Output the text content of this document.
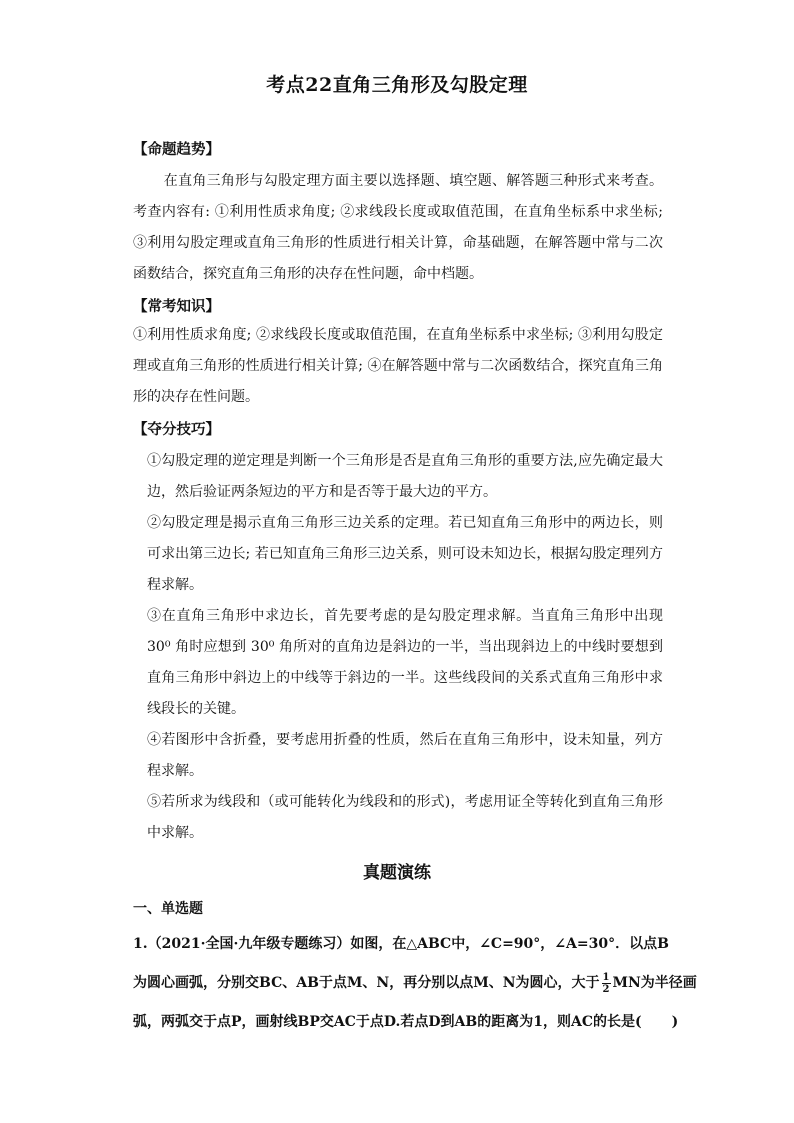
考点22直角三角形及勾股定理
【命题趋势】
在直角三角形与勾股定理方面主要以选择题、填空题、解答题三种形式来考查。考查内容有: ①利用性质求角度; ②求线段长度或取值范围，在直角坐标系中求坐标; ③利用勾股定理或直角三角形的性质进行相关计算，命基础题，在解答题中常与二次函数结合，探究直角三角形的决存在性问题，命中档题。
【常考知识】
①利用性质求角度; ②求线段长度或取值范围，在直角坐标系中求坐标; ③利用勾股定理或直角三角形的性质进行相关计算; ④在解答题中常与二次函数结合，探究直角三角形的决存在性问题。
【夺分技巧】
①勾股定理的逆定理是判断一个三角形是否是直角三角形的重要方法,应先确定最大边，然后验证两条短边的平方和是否等于最大边的平方。
②勾股定理是揭示直角三角形三边关系的定理。若已知直角三角形中的两边长，则可求出第三边长; 若已知直角三角形三边关系，则可设未知边长，根据勾股定理列方程求解。
③在直角三角形中求边长，首先要考虑的是勾股定理求解。当直角三角形中出现 30⁰ 角时应想到 30⁰ 角所对的直角边是斜边的一半，当出现斜边上的中线时要想到直角三角形中斜边上的中线等于斜边的一半。这些线段间的关系式直角三角形中求线段长的关键。
④若图形中含折叠，要考虑用折叠的性质，然后在直角三角形中，设未知量，列方程求解。
⑤若所求为线段和（或可能转化为线段和的形式)，考虑用证全等转化到直角三角形中求解。
真题演练
一、单选题
1.（2021·全国·九年级专题练习）如图，在△ABC中，∠C=90°，∠A=30°．以点B
为圆心画弧，分别交BC、AB于点M、N，再分别以点M、N为圆心，大于 $\frac{1}{2}$ MN为半径画
弧，两弧交于点P，画射线BP交AC于点D.若点D到AB的距离为1，则AC的长是( )
